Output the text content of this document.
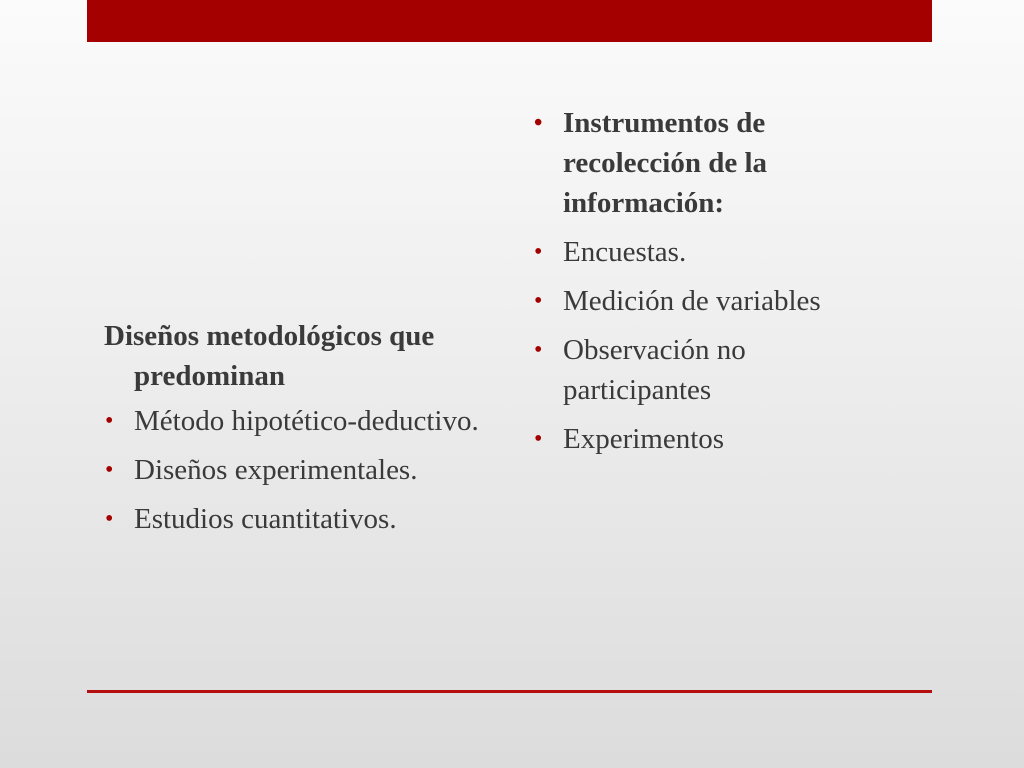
Diseños metodológicos que predominan

• Método hipotético-deductivo.
• Diseños experimentales.
• Estudios cuantitativos.
• Instrumentos de recolección de la información:
• Encuestas.
• Medición de variables
• Observación no participantes
• Experimentos
